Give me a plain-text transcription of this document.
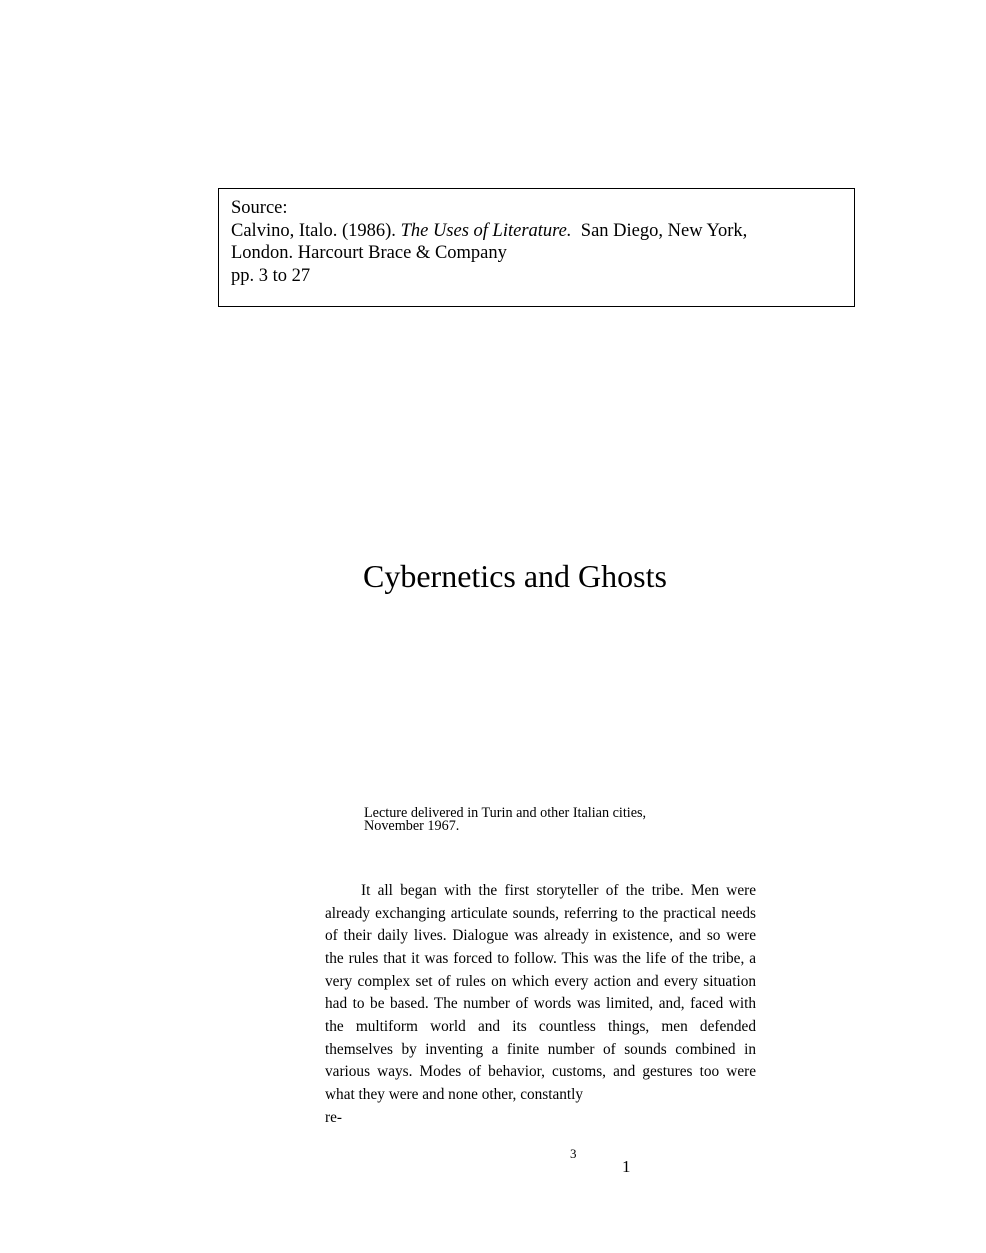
Source:
Calvino, Italo. (1986). The Uses of Literature.  San Diego, New York,
London. Harcourt Brace & Company
pp. 3 to 27
Cybernetics and Ghosts
Lecture delivered in Turin and other Italian cities,
November 1967.

It all began with the first storyteller of the tribe. Men were already exchanging articulate sounds, referring to the practical needs of their daily lives. Dialogue was already in existence, and so were the rules that it was forced to follow. This was the life of the tribe, a very complex set of rules on which every action and every situation had to be based. The number of words was limited, and, faced with the multiform world and its countless things, men defended themselves by inventing a finite number of sounds combined in various ways. Modes of behavior, customs, and gestures too were what they were and none other, constantly

re-
3
1
